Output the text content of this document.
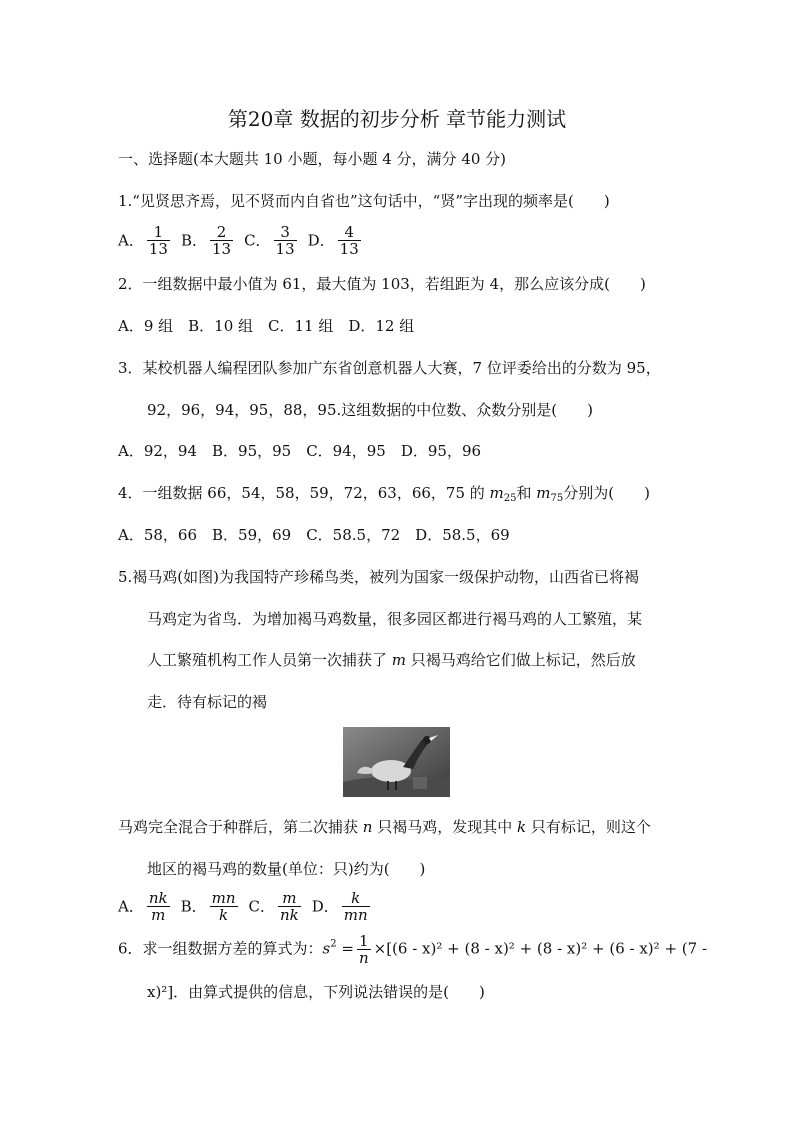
第20章 数据的初步分析 章节能力测试
一、选择题(本大题共 10 小题，每小题 4 分，满分 40 分)
1.“见贤思齐焉，见不贤而内自省也”这句话中，“贤”字出现的频率是(　　)
A． $\frac{1}{13}$ B． $\frac{2}{13}$ C． $\frac{3}{13}$ D． $\frac{4}{13}$
2．一组数据中最小值为 61，最大值为 103，若组距为 4，那么应该分成(　　)
A．9 组　B．10 组　C．11 组　D．12 组
3．某校机器人编程团队参加广东省创意机器人大赛，7 位评委给出的分数为 95，
92，96，94，95，88，95.这组数据的中位数、众数分别是(　　)
A．92，94　B．95，95　C．94，95　D．95，96
4．一组数据 66，54，58，59，72，63，66，75 的 $m_{25}$和 $m_{75}$分别为(　　)
A．58，66　B．59，69　C．58.5，72　D．58.5，69
5.褐马鸡(如图)为我国特产珍稀鸟类，被列为国家一级保护动物，山西省已将褐
马鸡定为省鸟．为增加褐马鸡数量，很多园区都进行褐马鸡的人工繁殖，某
人工繁殖机构工作人员第一次捕获了 m 只褐马鸡给它们做上标记，然后放
走．待有标记的褐
马鸡完全混合于种群后，第二次捕获 n 只褐马鸡，发现其中 k 只有标记，则这个
地区的褐马鸡的数量(单位：只)约为(　　)
A． $\frac{nk}{m}$ B． $\frac{mn}{k}$ C． $\frac{m}{nk}$ D． $\frac{k}{mn}$
6．求一组数据方差的算式为：$s^2 = \frac{1}{n} \times[(6 - x)^2 + (8 - x)^2 + (8 - x)^2 + (6 - x)^2 + (7$ -
x)²]．由算式提供的信息，下列说法错误的是(　　)
